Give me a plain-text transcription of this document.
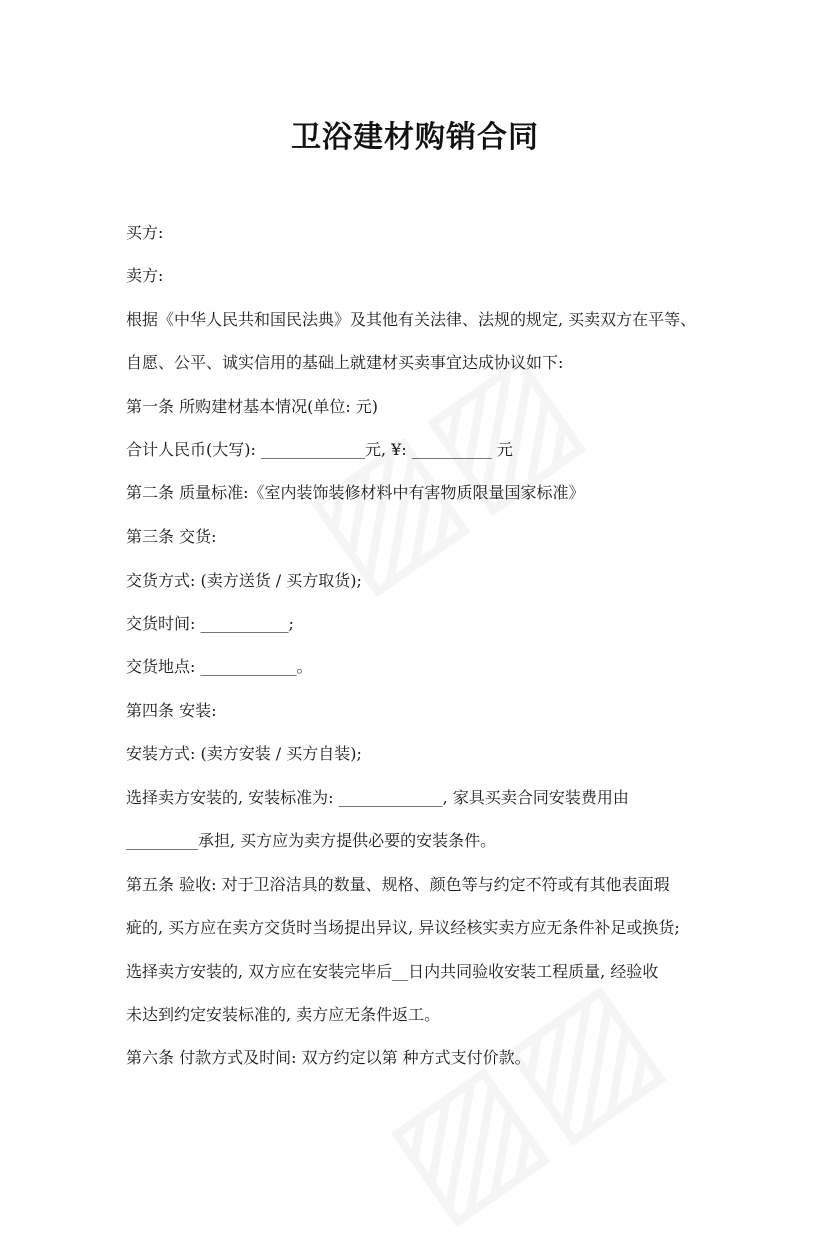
卫浴建材购销合同

买方:

卖方:

根据《中华人民共和国民法典》及其他有关法律、法规的规定, 买卖双方在平等、

自愿、公平、诚实信用的基础上就建材买卖事宜达成协议如下:

第一条 所购建材基本情况(单位: 元)

合计人民币(大写): _____________元, ¥: __________ 元

第二条 质量标准:《室内装饰装修材料中有害物质限量国家标准》

第三条 交货:

交货方式: (卖方送货 / 买方取货);

交货时间: ___________;

交货地点: ____________。

第四条 安装:

安装方式: (卖方安装 / 买方自装);

选择卖方安装的, 安装标准为: _____________, 家具买卖合同安装费用由

_________承担, 买方应为卖方提供必要的安装条件。

第五条 验收: 对于卫浴洁具的数量、规格、颜色等与约定不符或有其他表面瑕

疵的, 买方应在卖方交货时当场提出异议, 异议经核实卖方应无条件补足或换货;

选择卖方安装的, 双方应在安装完毕后__日内共同验收安装工程质量, 经验收

未达到约定安装标准的, 卖方应无条件返工。

第六条 付款方式及时间: 双方约定以第 种方式支付价款。
